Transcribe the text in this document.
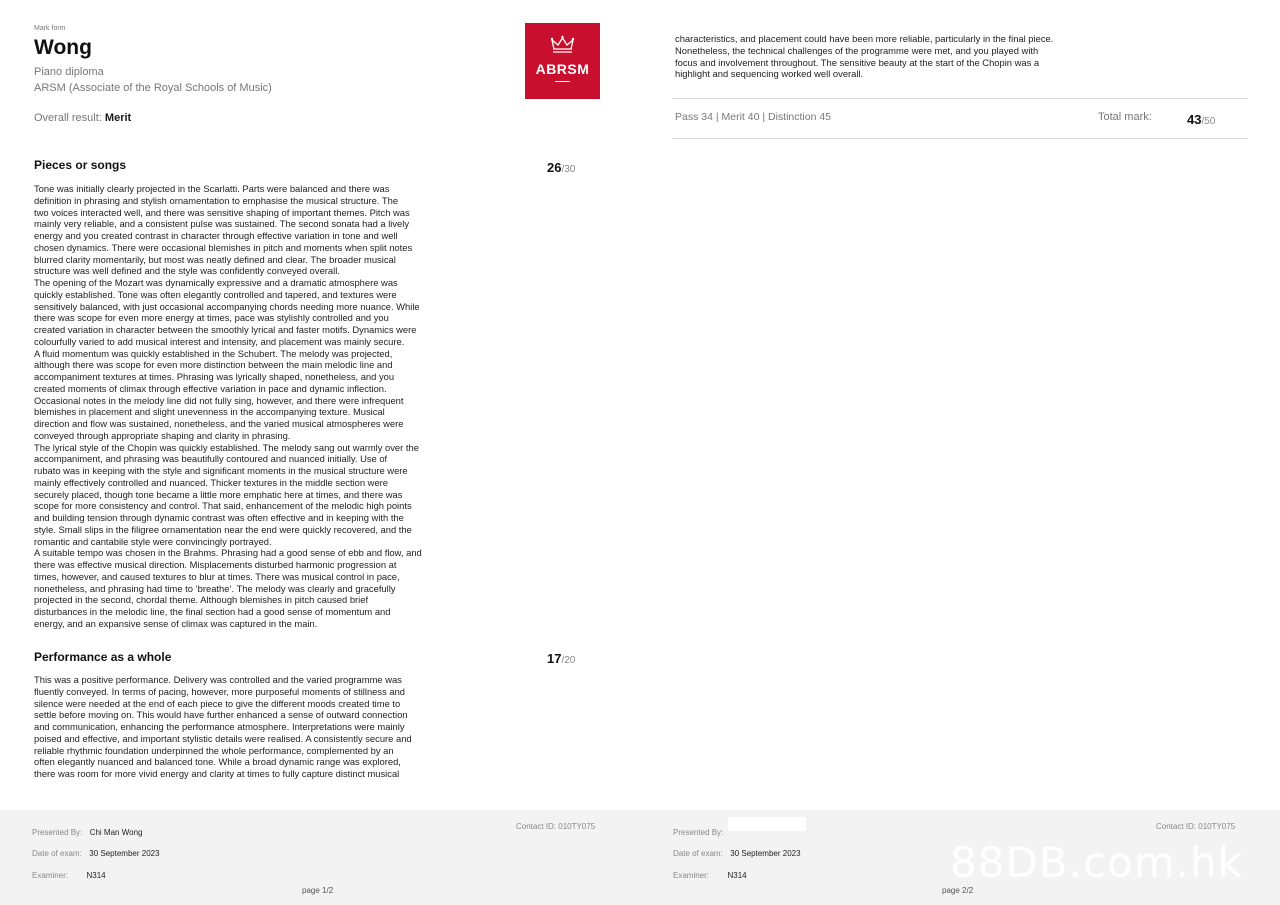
Mark form
Wong
Piano diploma
ARSM (Associate of the Royal Schools of Music)
Overall result: Merit
ABRSM

characteristics, and placement could have been more reliable, particularly in the final piece.
Nonetheless, the technical challenges of the programme were met, and you played with
focus and involvement throughout. The sensitive beauty at the start of the Chopin was a
highlight and sequencing worked well overall.

Pass 34 | Merit 40 | Distinction 45	Total mark:	43/50
Pieces or songs	26/30

Tone was initially clearly projected in the Scarlatti. Parts were balanced and there was
definition in phrasing and stylish ornamentation to emphasise the musical structure. The
two voices interacted well, and there was sensitive shaping of important themes. Pitch was
mainly very reliable, and a consistent pulse was sustained. The second sonata had a lively
energy and you created contrast in character through effective variation in tone and well
chosen dynamics. There were occasional blemishes in pitch and moments when split notes
blurred clarity momentarily, but most was neatly defined and clear. The broader musical
structure was well defined and the style was confidently conveyed overall.
The opening of the Mozart was dynamically expressive and a dramatic atmosphere was
quickly established. Tone was often elegantly controlled and tapered, and textures were
sensitively balanced, with just occasional accompanying chords needing more nuance. While
there was scope for even more energy at times, pace was stylishly controlled and you
created variation in character between the smoothly lyrical and faster motifs. Dynamics were
colourfully varied to add musical interest and intensity, and placement was mainly secure.
A fluid momentum was quickly established in the Schubert. The melody was projected,
although there was scope for even more distinction between the main melodic line and
accompaniment textures at times. Phrasing was lyrically shaped, nonetheless, and you
created moments of climax through effective variation in pace and dynamic inflection.
Occasional notes in the melody line did not fully sing, however, and there were infrequent
blemishes in placement and slight unevenness in the accompanying texture. Musical
direction and flow was sustained, nonetheless, and the varied musical atmospheres were
conveyed through appropriate shaping and clarity in phrasing.
The lyrical style of the Chopin was quickly established. The melody sang out warmly over the
accompaniment, and phrasing was beautifully contoured and nuanced initially. Use of
rubato was in keeping with the style and significant moments in the musical structure were
mainly effectively controlled and nuanced. Thicker textures in the middle section were
securely placed, though tone became a little more emphatic here at times, and there was
scope for more consistency and control. That said, enhancement of the melodic high points
and building tension through dynamic contrast was often effective and in keeping with the
style. Small slips in the filigree ornamentation near the end were quickly recovered, and the
romantic and cantabile style were convincingly portrayed.
A suitable tempo was chosen in the Brahms. Phrasing had a good sense of ebb and flow, and
there was effective musical direction. Misplacements disturbed harmonic progression at
times, however, and caused textures to blur at times. There was musical control in pace,
nonetheless, and phrasing had time to ‘breathe’. The melody was clearly and gracefully
projected in the second, chordal theme. Although blemishes in pitch caused brief
disturbances in the melodic line, the final section had a good sense of momentum and
energy, and an expansive sense of climax was captured in the main.

Performance as a whole	17/20

This was a positive performance. Delivery was controlled and the varied programme was
fluently conveyed. In terms of pacing, however, more purposeful moments of stillness and
silence were needed at the end of each piece to give the different moods created time to
settle before moving on. This would have further enhanced a sense of outward connection
and communication, enhancing the performance atmosphere. Interpretations were mainly
poised and effective, and important stylistic details were realised. A consistently secure and
reliable rhythmic foundation underpinned the whole performance, complemented by an
often elegantly nuanced and balanced tone. While a broad dynamic range was explored,
there was room for more vivid energy and clarity at times to fully capture distinct musical

Presented By: Chi Man Wong
Contact ID: 010TY075
Date of exam: 30 September 2023
Examiner: N314
page 1/2
Presented By:
Contact ID: 010TY075
Date of exam: 30 September 2023
Examiner: N314
page 2/2
88DB.com.hk
